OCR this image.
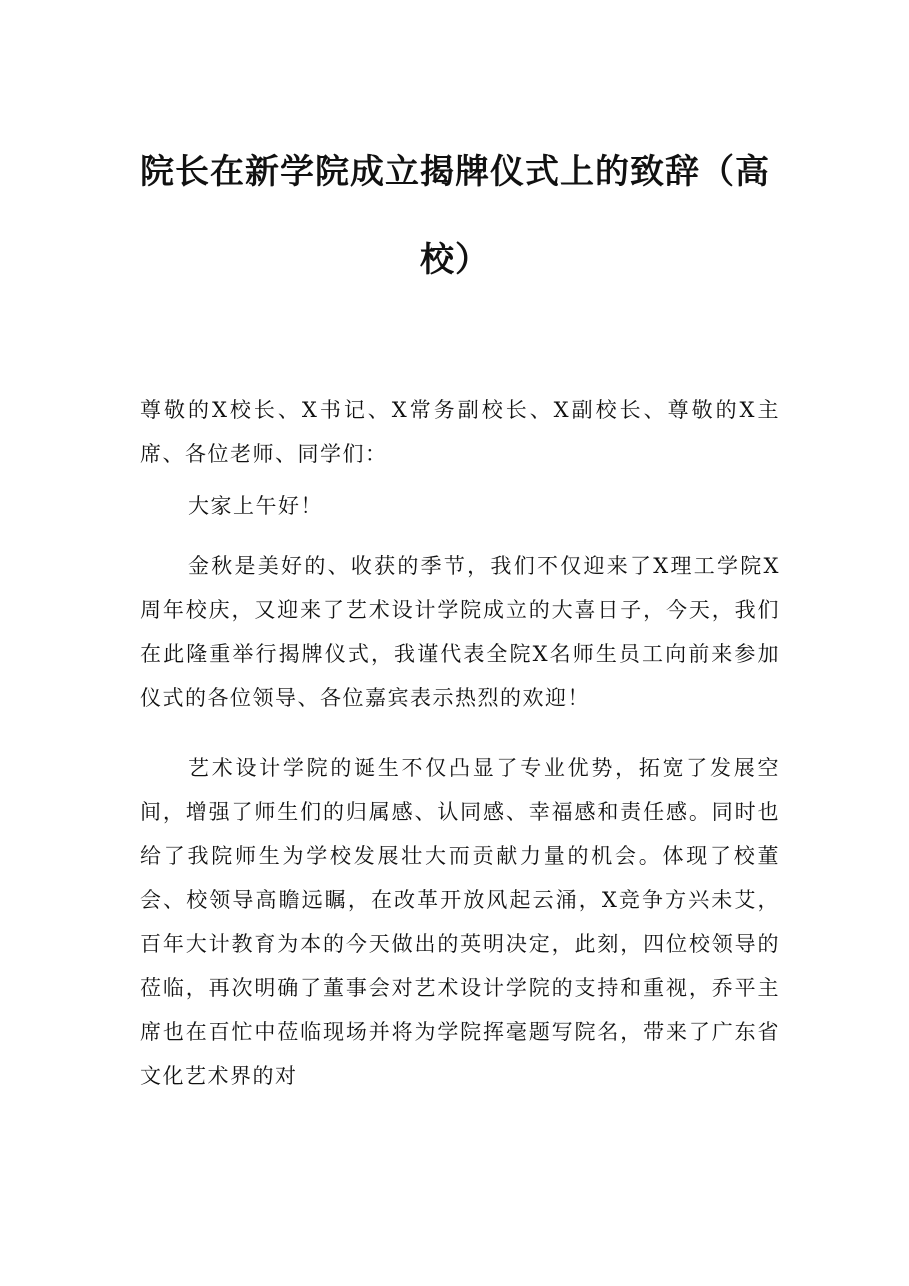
院长在新学院成立揭牌仪式上的致辞（高
校）

尊敬的X校长、X书记、X常务副校长、X副校长、尊敬的X主席、各位老师、同学们：

大家上午好！

金秋是美好的、收获的季节，我们不仅迎来了X理工学院X周年校庆，又迎来了艺术设计学院成立的大喜日子，今天，我们在此隆重举行揭牌仪式，我谨代表全院X名师生员工向前来参加仪式的各位领导、各位嘉宾表示热烈的欢迎！

艺术设计学院的诞生不仅凸显了专业优势，拓宽了发展空间，增强了师生们的归属感、认同感、幸福感和责任感。同时也给了我院师生为学校发展壮大而贡献力量的机会。体现了校董会、校领导高瞻远瞩，在改革开放风起云涌，X竞争方兴未艾，百年大计教育为本的今天做出的英明决定，此刻，四位校领导的莅临，再次明确了董事会对艺术设计学院的支持和重视，乔平主席也在百忙中莅临现场并将为学院挥毫题写院名，带来了广东省文化艺术界的对
